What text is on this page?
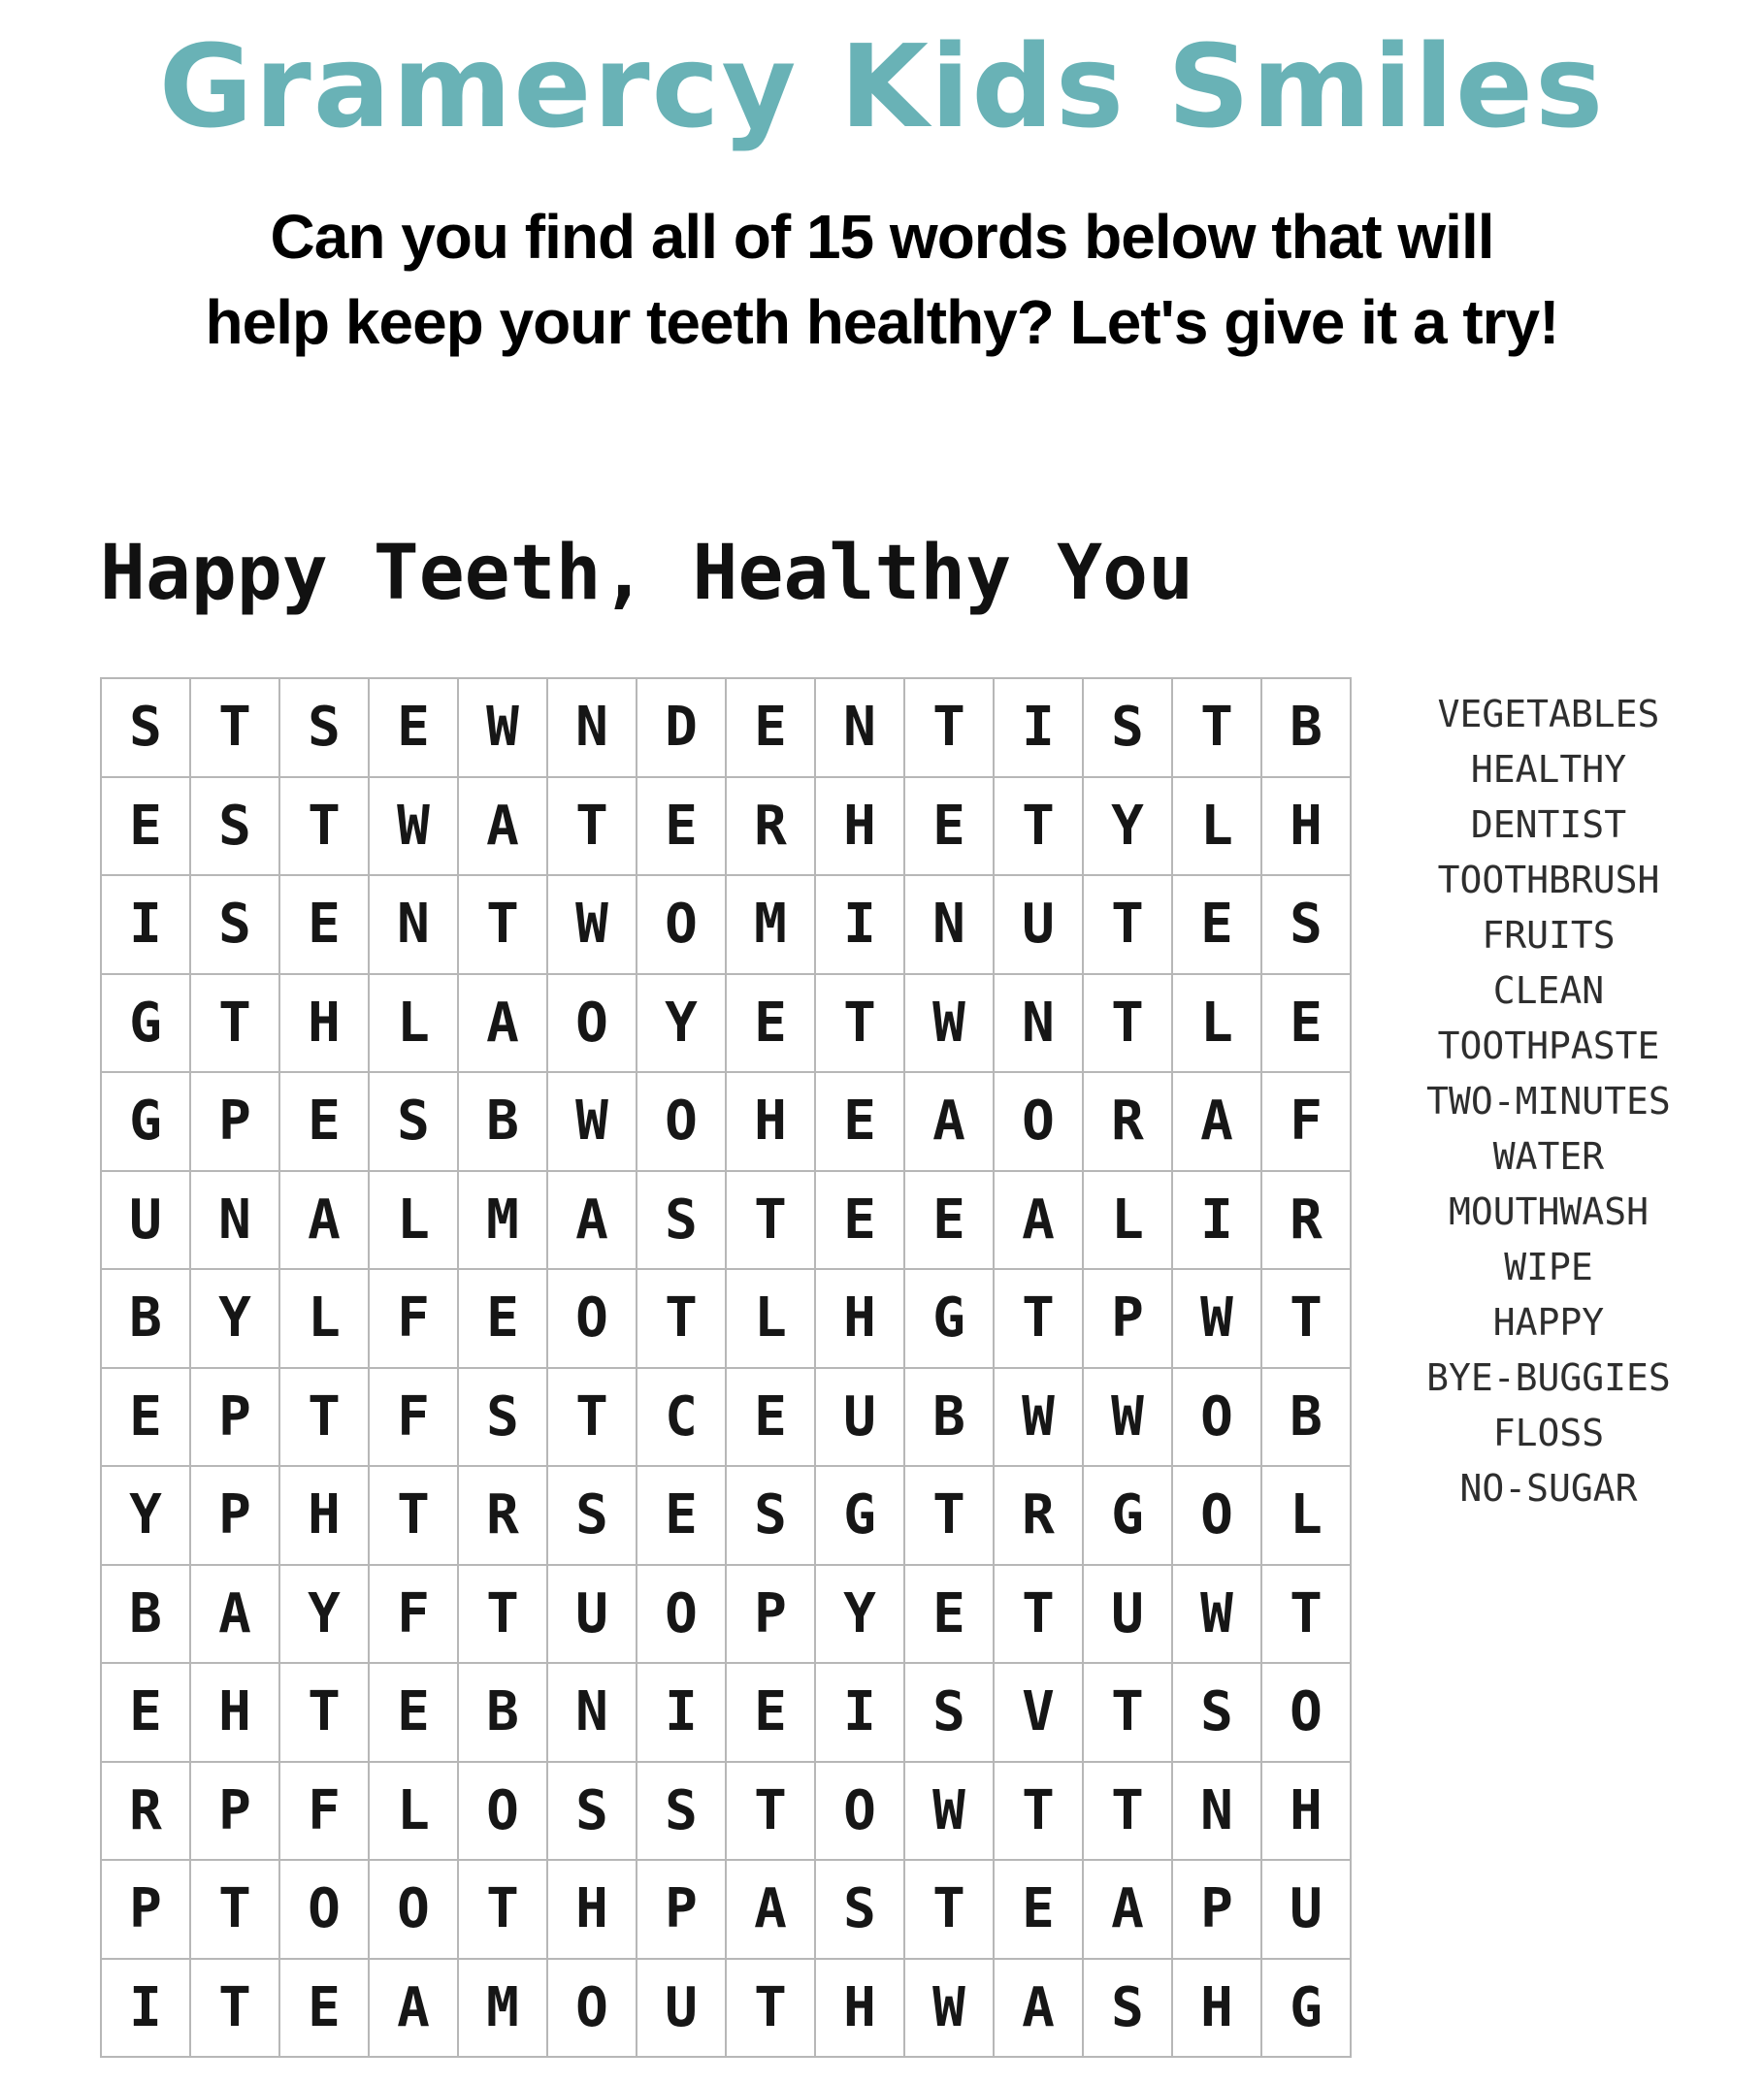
Gramercy Kids Smiles
Can you find all of 15 words below that will
help keep your teeth healthy? Let's give it a try!
Happy Teeth, Healthy You
S	T	S	E	W	N	D	E	N	T	I	S	T	B
E	S	T	W	A	T	E	R	H	E	T	Y	L	H
I	S	E	N	T	W	O	M	I	N	U	T	E	S
G	T	H	L	A	O	Y	E	T	W	N	T	L	E
G	P	E	S	B	W	O	H	E	A	O	R	A	F
U	N	A	L	M	A	S	T	E	E	A	L	I	R
B	Y	L	F	E	O	T	L	H	G	T	P	W	T
E	P	T	F	S	T	C	E	U	B	W	W	O	B
Y	P	H	T	R	S	E	S	G	T	R	G	O	L
B	A	Y	F	T	U	O	P	Y	E	T	U	W	T
E	H	T	E	B	N	I	E	I	S	V	T	S	O
R	P	F	L	O	S	S	T	O	W	T	T	N	H
P	T	O	O	T	H	P	A	S	T	E	A	P	U
I	T	E	A	M	O	U	T	H	W	A	S	H	G
VEGETABLES
HEALTHY
DENTIST
TOOTHBRUSH
FRUITS
CLEAN
TOOTHPASTE
TWO-MINUTES
WATER
MOUTHWASH
WIPE
HAPPY
BYE-BUGGIES
FLOSS
NO-SUGAR
